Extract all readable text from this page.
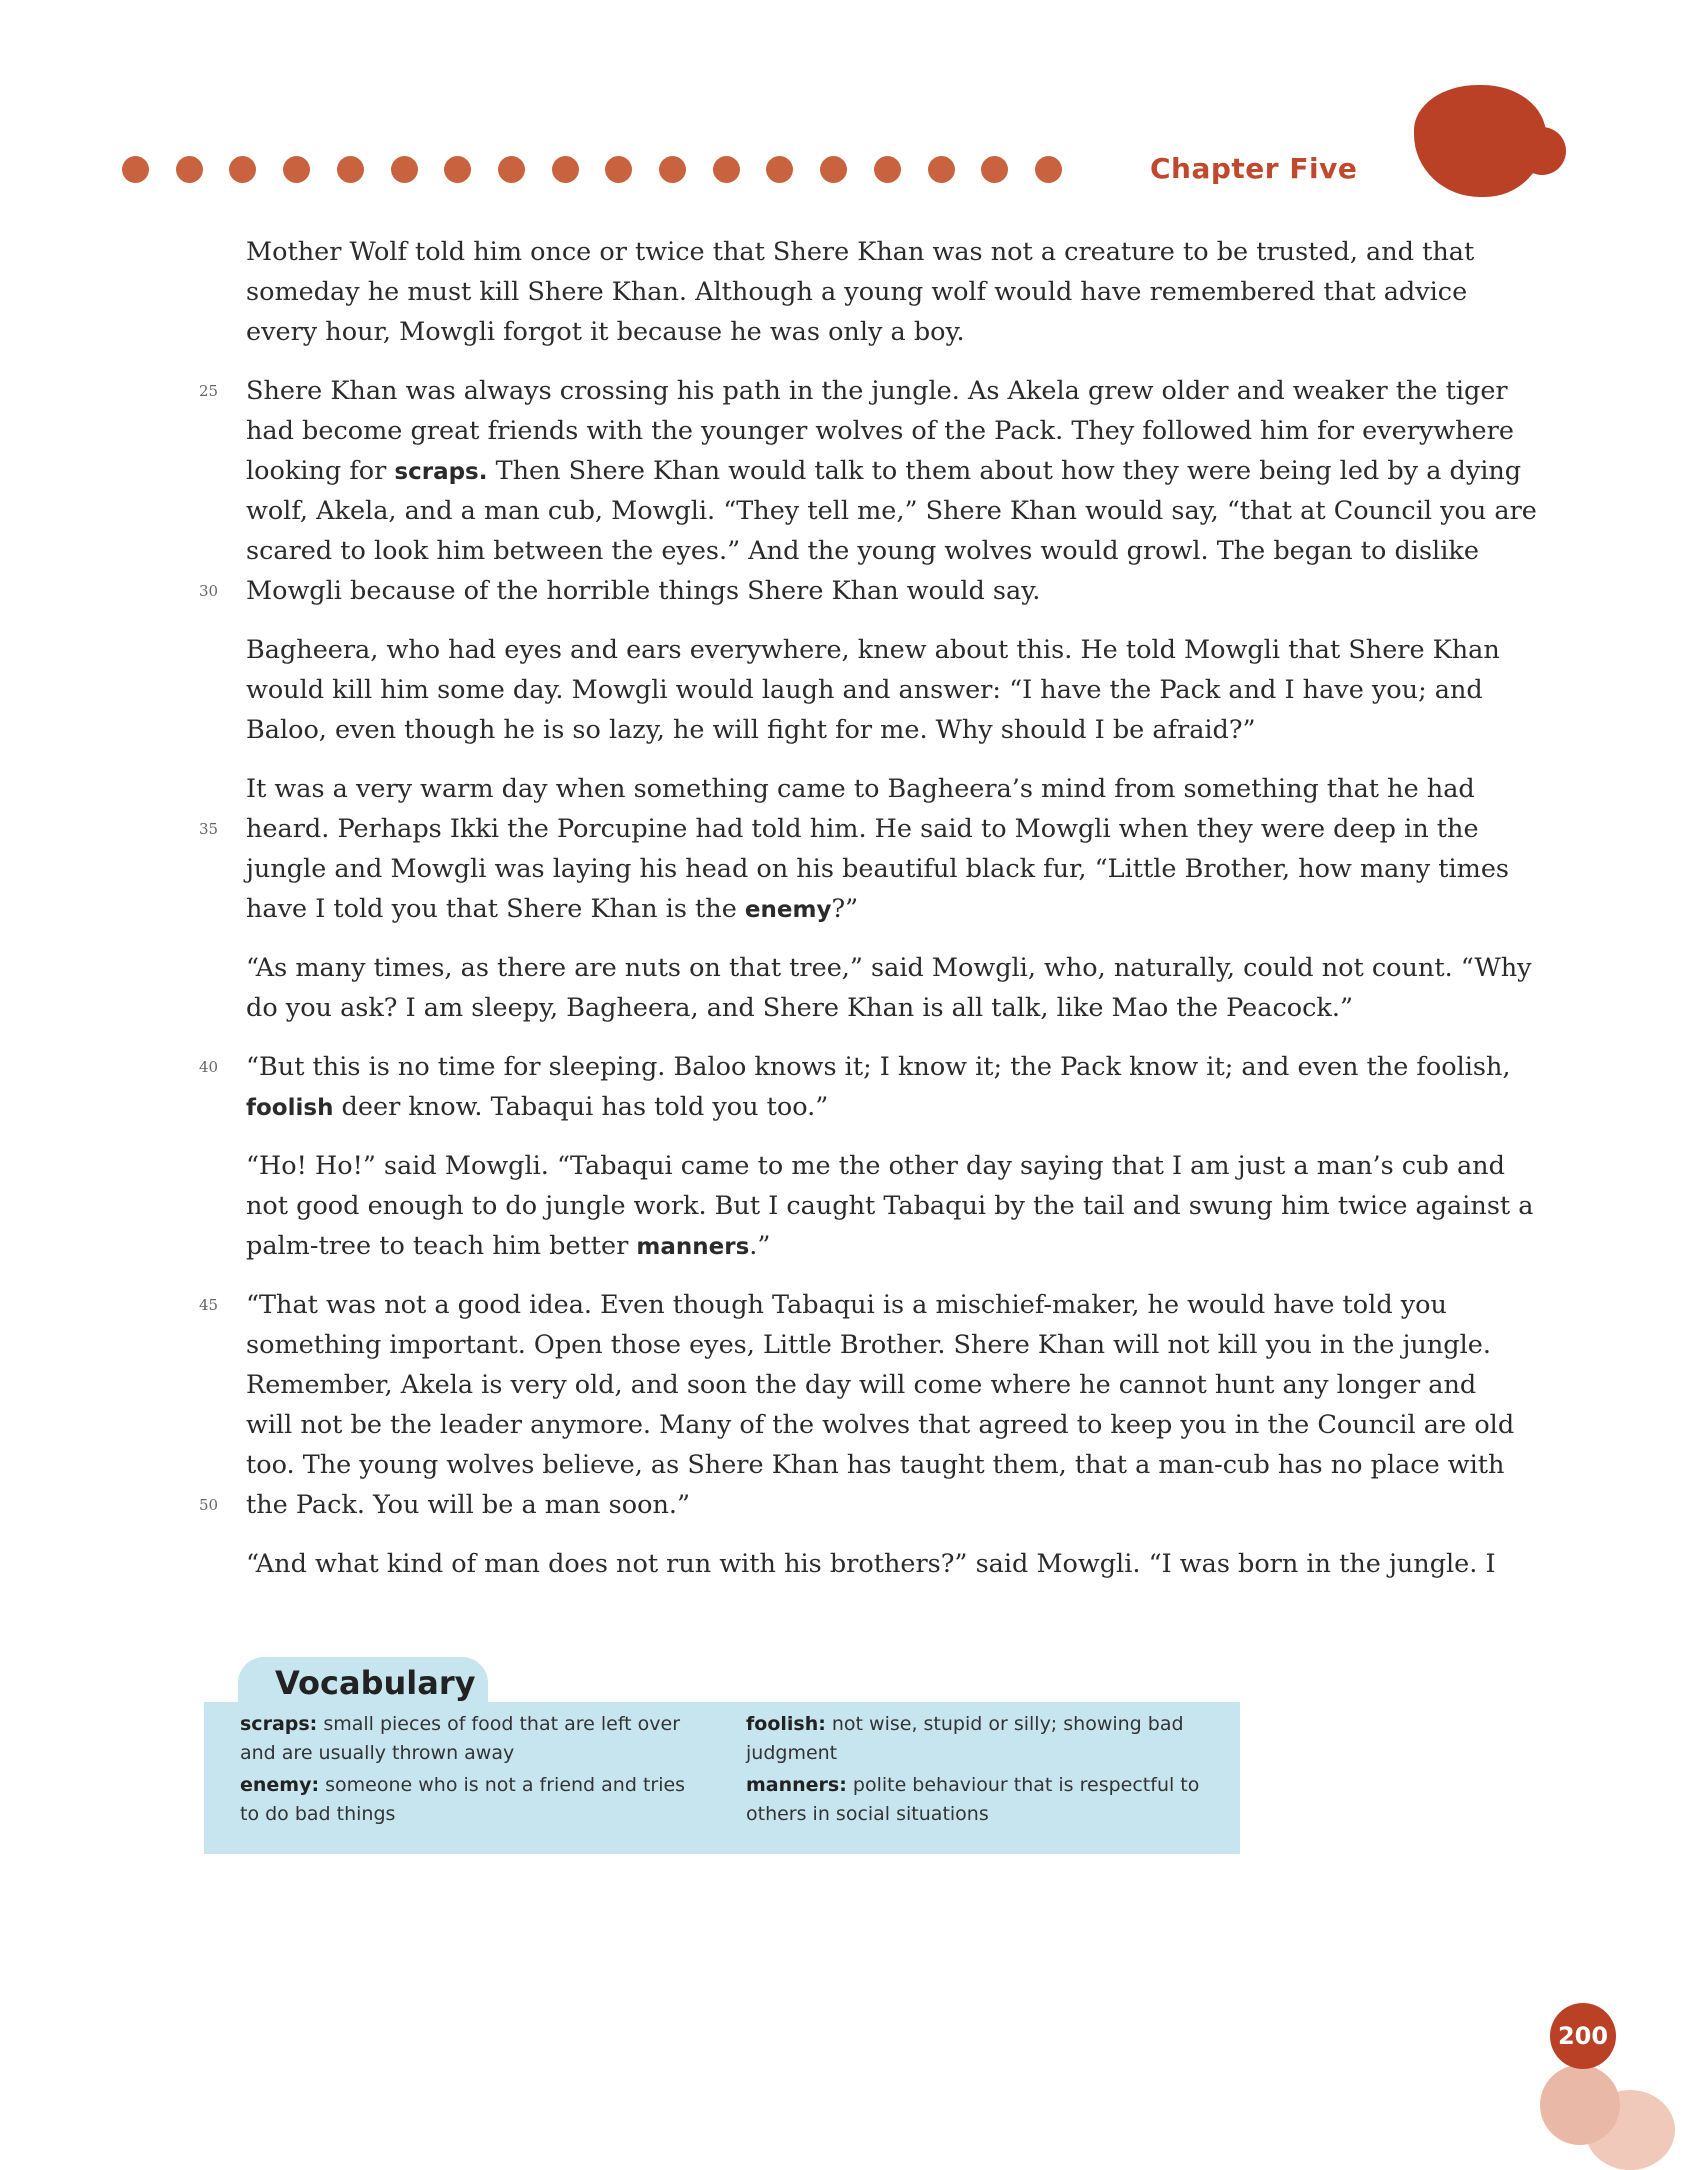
Chapter Five
Mother Wolf told him once or twice that Shere Khan was not a creature to be trusted, and that
someday he must kill Shere Khan. Although a young wolf would have remembered that advice
every hour, Mowgli forgot it because he was only a boy.
25	Shere Khan was always crossing his path in the jungle. As Akela grew older and weaker the tiger
had become great friends with the younger wolves of the Pack. They followed him for everywhere
looking for scraps. Then Shere Khan would talk to them about how they were being led by a dying
wolf, Akela, and a man cub, Mowgli. “They tell me,” Shere Khan would say, “that at Council you are
scared to look him between the eyes.” And the young wolves would growl. The began to dislike
30	Mowgli because of the horrible things Shere Khan would say.
Bagheera, who had eyes and ears everywhere, knew about this. He told Mowgli that Shere Khan
would kill him some day. Mowgli would laugh and answer: “I have the Pack and I have you; and
Baloo, even though he is so lazy, he will fight for me. Why should I be afraid?”
It was a very warm day when something came to Bagheera’s mind from something that he had
35	heard. Perhaps Ikki the Porcupine had told him. He said to Mowgli when they were deep in the
jungle and Mowgli was laying his head on his beautiful black fur, “Little Brother, how many times
have I told you that Shere Khan is the enemy?”
“As many times, as there are nuts on that tree,” said Mowgli, who, naturally, could not count. “Why
do you ask? I am sleepy, Bagheera, and Shere Khan is all talk, like Mao the Peacock.”
40	“But this is no time for sleeping. Baloo knows it; I know it; the Pack know it; and even the foolish,
foolish deer know. Tabaqui has told you too.”
“Ho! Ho!” said Mowgli. “Tabaqui came to me the other day saying that I am just a man’s cub and
not good enough to do jungle work. But I caught Tabaqui by the tail and swung him twice against a
palm-tree to teach him better manners.”
45	“That was not a good idea. Even though Tabaqui is a mischief-maker, he would have told you
something important. Open those eyes, Little Brother. Shere Khan will not kill you in the jungle.
Remember, Akela is very old, and soon the day will come where he cannot hunt any longer and
will not be the leader anymore. Many of the wolves that agreed to keep you in the Council are old
too. The young wolves believe, as Shere Khan has taught them, that a man-cub has no place with
50	the Pack. You will be a man soon.”
“And what kind of man does not run with his brothers?” said Mowgli. “I was born in the jungle. I
Vocabulary
scraps: small pieces of food that are left over and are usually thrown away
enemy: someone who is not a friend and tries to do bad things
foolish: not wise, stupid or silly; showing bad judgment
manners: polite behaviour that is respectful to others in social situations
200
